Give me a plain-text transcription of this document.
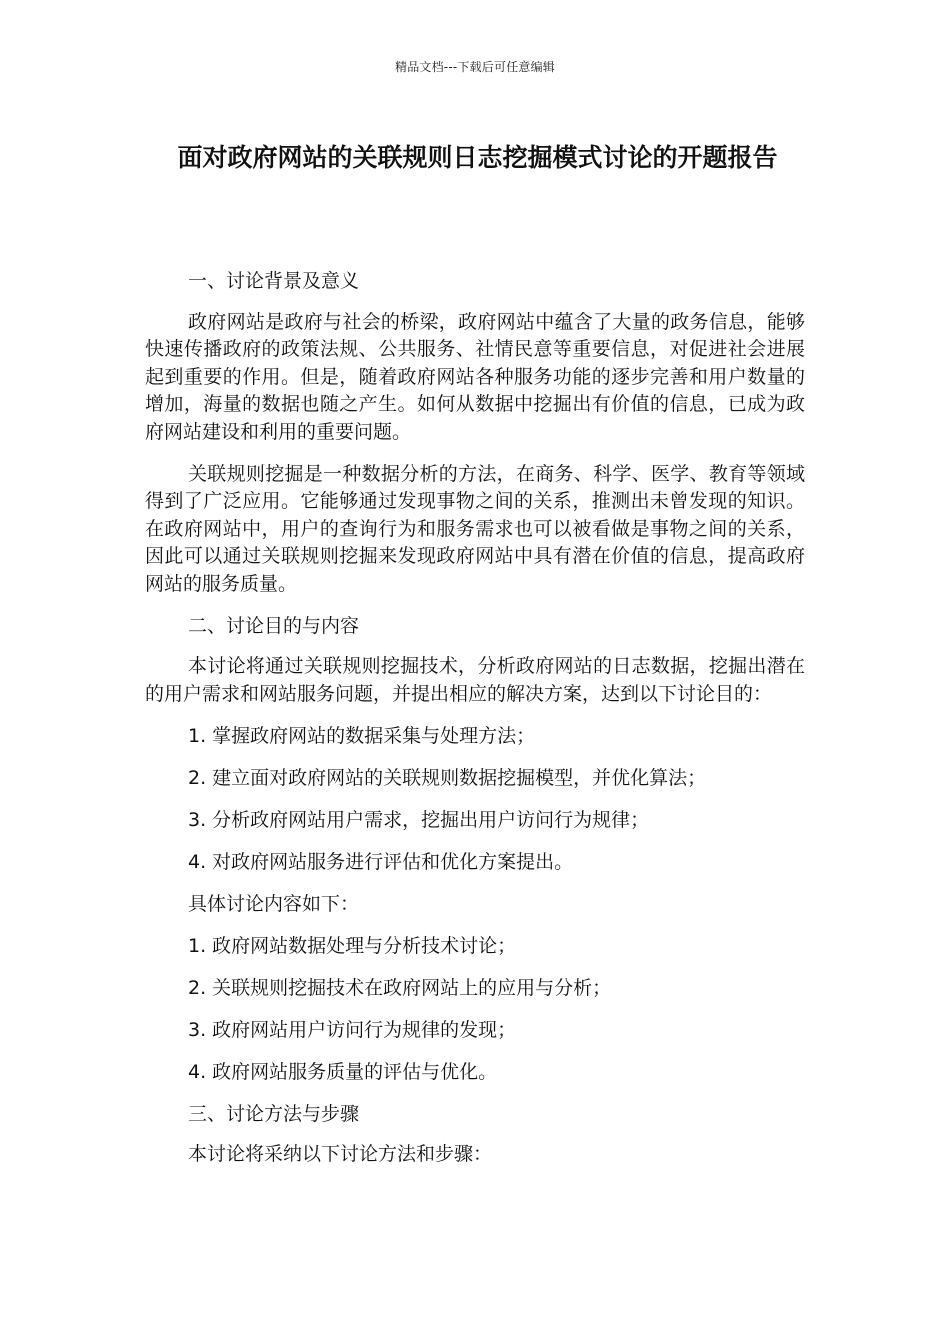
精品文档---下载后可任意编辑
面对政府网站的关联规则日志挖掘模式讨论的开题报告

一、讨论背景及意义

政府网站是政府与社会的桥梁，政府网站中蕴含了大量的政务信息，能够快速传播政府的政策法规、公共服务、社情民意等重要信息，对促进社会进展起到重要的作用。但是，随着政府网站各种服务功能的逐步完善和用户数量的增加，海量的数据也随之产生。如何从数据中挖掘出有价值的信息，已成为政府网站建设和利用的重要问题。

关联规则挖掘是一种数据分析的方法，在商务、科学、医学、教育等领域得到了广泛应用。它能够通过发现事物之间的关系，推测出未曾发现的知识。在政府网站中，用户的查询行为和服务需求也可以被看做是事物之间的关系，因此可以通过关联规则挖掘来发现政府网站中具有潜在价值的信息，提高政府网站的服务质量。

二、讨论目的与内容

本讨论将通过关联规则挖掘技术，分析政府网站的日志数据，挖掘出潜在的用户需求和网站服务问题，并提出相应的解决方案，达到以下讨论目的：

1. 掌握政府网站的数据采集与处理方法；

2. 建立面对政府网站的关联规则数据挖掘模型，并优化算法；

3. 分析政府网站用户需求，挖掘出用户访问行为规律；

4. 对政府网站服务进行评估和优化方案提出。

具体讨论内容如下：

1. 政府网站数据处理与分析技术讨论；

2. 关联规则挖掘技术在政府网站上的应用与分析；

3. 政府网站用户访问行为规律的发现；

4. 政府网站服务质量的评估与优化。

三、讨论方法与步骤

本讨论将采纳以下讨论方法和步骤：
